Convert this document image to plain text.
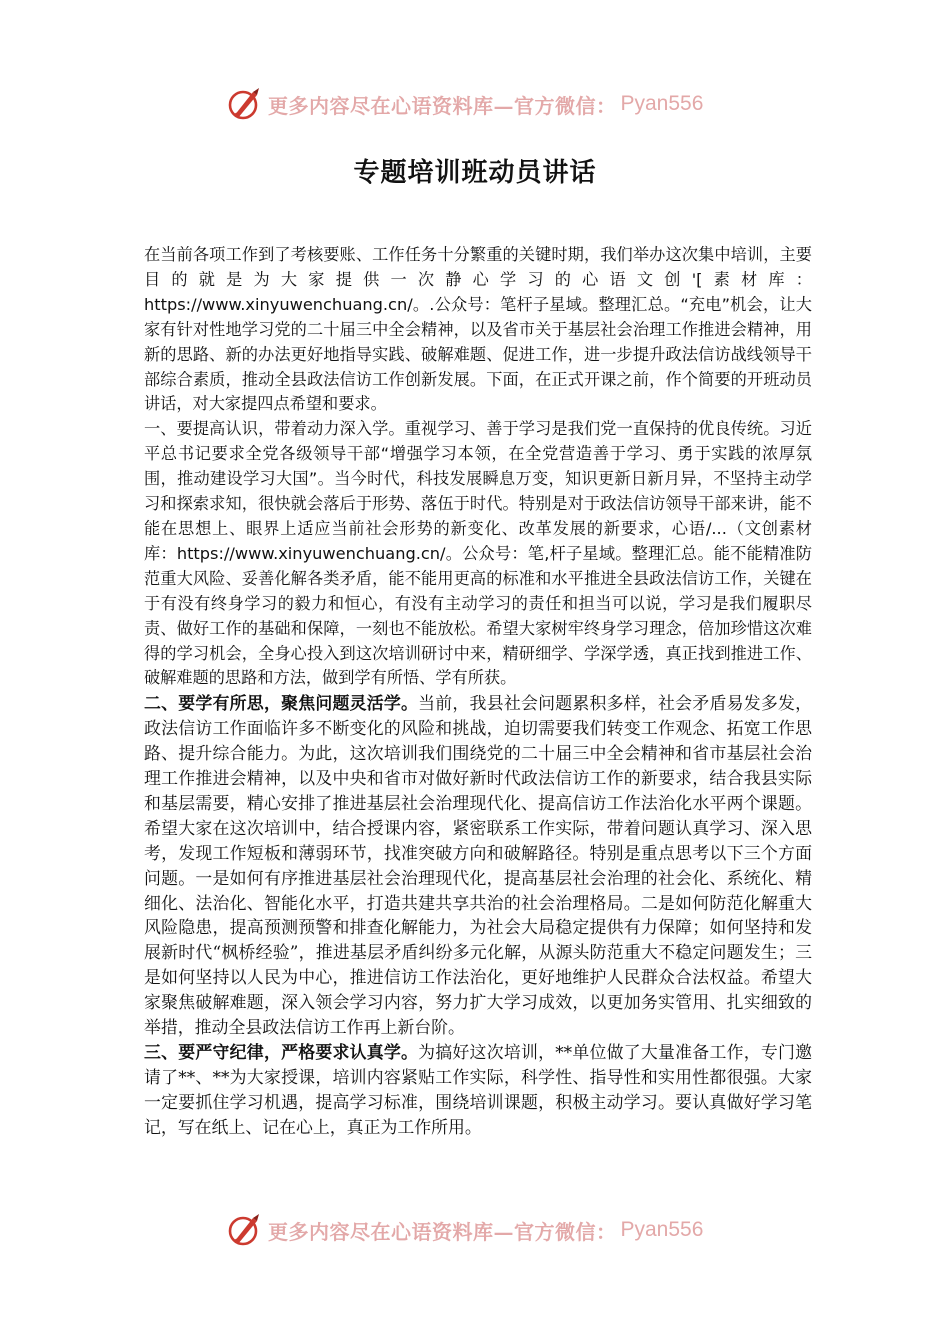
更多内容尽在心语资料库—官方微信： Pyan556
专题培训班动员讲话

在当前各项工作到了考核要账、工作任务十分繁重的关键时期，我们举办这次集中培训，主要目的就是为大家提供一次静心学习的心语文创'[素材库：https://www.xinyuwenchuang.cn/。.公众号：笔杆子星域。整理汇总。“充电”机会，让大家有针对性地学习党的二十届三中全会精神，以及省市关于基层社会治理工作推进会精神，用新的思路、新的办法更好地指导实践、破解难题、促进工作，进一步提升政法信访战线领导干部综合素质，推动全县政法信访工作创新发展。下面，在正式开课之前，作个简要的开班动员讲话，对大家提四点希望和要求。

一、要提高认识，带着动力深入学。重视学习、善于学习是我们党一直保持的优良传统。习近平总书记要求全党各级领导干部“增强学习本领，在全党营造善于学习、勇于实践的浓厚氛围，推动建设学习大国”。当今时代，科技发展瞬息万变，知识更新日新月异，不坚持主动学习和探索求知，很快就会落后于形势、落伍于时代。特别是对于政法信访领导干部来讲，能不能在思想上、眼界上适应当前社会形势的新变化、改革发展的新要求，心语/...（文创素材库：https://www.xinyuwenchuang.cn/。公众号：笔,杆子星域。整理汇总。能不能精准防范重大风险、妥善化解各类矛盾，能不能用更高的标准和水平推进全县政法信访工作，关键在于有没有终身学习的毅力和恒心，有没有主动学习的责任和担当可以说，学习是我们履职尽责、做好工作的基础和保障，一刻也不能放松。希望大家树牢终身学习理念，倍加珍惜这次难得的学习机会，全身心投入到这次培训研讨中来，精研细学、学深学透，真正找到推进工作、破解难题的思路和方法，做到学有所悟、学有所获。

二、要学有所思，聚焦问题灵活学。当前，我县社会问题累积多样，社会矛盾易发多发，政法信访工作面临许多不断变化的风险和挑战，迫切需要我们转变工作观念、拓宽工作思路、提升综合能力。为此，这次培训我们围绕党的二十届三中全会精神和省市基层社会治理工作推进会精神，以及中央和省市对做好新时代政法信访工作的新要求，结合我县实际和基层需要，精心安排了推进基层社会治理现代化、提高信访工作法治化水平两个课题。希望大家在这次培训中，结合授课内容，紧密联系工作实际，带着问题认真学习、深入思考，发现工作短板和薄弱环节，找准突破方向和破解路径。特别是重点思考以下三个方面问题。一是如何有序推进基层社会治理现代化，提高基层社会治理的社会化、系统化、精细化、法治化、智能化水平，打造共建共享共治的社会治理格局。二是如何防范化解重大风险隐患，提高预测预警和排查化解能力，为社会大局稳定提供有力保障；如何坚持和发展新时代“枫桥经验”，推进基层矛盾纠纷多元化解，从源头防范重大不稳定问题发生；三是如何坚持以人民为中心，推进信访工作法治化，更好地维护人民群众合法权益。希望大家聚焦破解难题，深入领会学习内容，努力扩大学习成效，以更加务实管用、扎实细致的举措，推动全县政法信访工作再上新台阶。

三、要严守纪律，严格要求认真学。为搞好这次培训，**单位做了大量准备工作，专门邀请了**、**为大家授课，培训内容紧贴工作实际，科学性、指导性和实用性都很强。大家一定要抓住学习机遇，提高学习标准，围绕培训课题，积极主动学习。要认真做好学习笔记，写在纸上、记在心上，真正为工作所用。

更多内容尽在心语资料库—官方微信： Pyan556
